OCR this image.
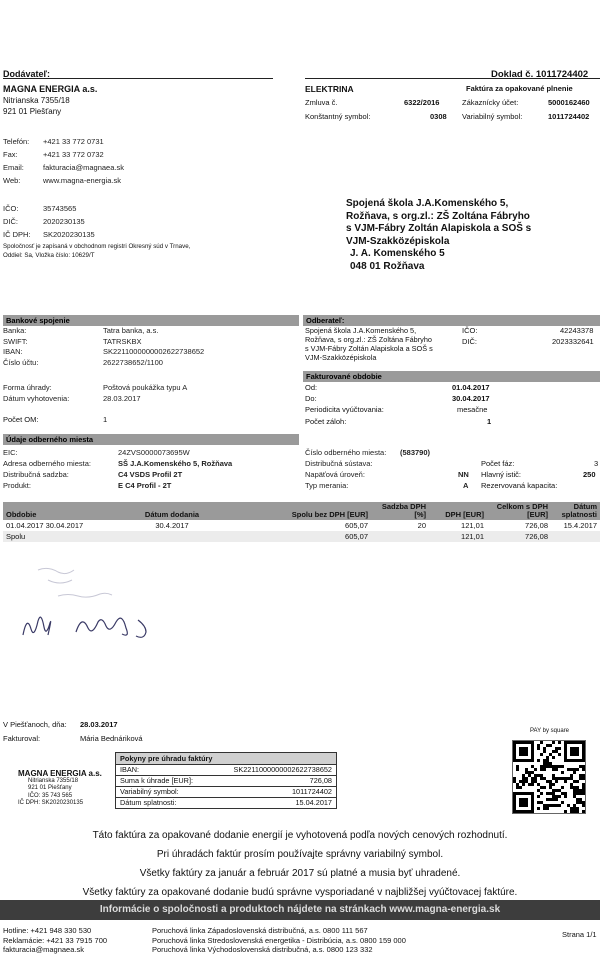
Dodávateľ:
MAGNA ENERGIA a.s.
Nitrianska 7355/18
921 01 Piešťany
Telefón:	+421 33 772 0731
Fax:	+421 33 772 0732
Email:	fakturacia@magnaea.sk
Web:	www.magna-energia.sk
IČO:	35743565
DIČ:	2020230135
IČ DPH:	SK2020230135
Spoločnosť je zapísaná v obchodnom registri Okresný súd v Trnave,
Oddiel: Sa, Vložka číslo: 10629/T
Doklad č. 1011724402
ELEKTRINA	Faktúra za opakované plnenie
Zmluva č.	6322/2016
Konštantný symbol:	0308
Zákaznícky účet:	5000162460
Variabilný symbol:	1011724402
Spojená škola J.A.Komenského 5,
Rožňava, s org.zl.: ZŠ Zoltána Fábryho
s VJM-Fábry Zoltán Alapiskola a SOŠ s
VJM-Szakközépiskola
J. A. Komenského 5
048 01 Rožňava
Bankové spojenie
Banka:	Tatra banka, a.s.
SWIFT:	TATRSKBX
IBAN:	SK2211000000002622738652
Číslo účtu:	2622738652/1100
Forma úhrady:	Poštová poukážka typu A
Dátum vyhotovenia:	28.03.2017
Počet OM:	1
Odberateľ:
Spojená škola J.A.Komenského 5,
Rožňava, s org.zl.: ZŠ Zoltána Fábryho
s VJM-Fábry Zoltán Alapiskola a SOŠ s
VJM-Szakközépiskola
IČO:	42243378
DIČ:	2023332641
Fakturované obdobie
Od:	01.04.2017
Do:	30.04.2017
Periodicita vyúčtovania:	mesačne
Počet záloh:	1
Údaje odberného miesta
EIC:	24ZVS0000073695W
Adresa odberného miesta:	SŠ J.A.Komenského 5, Rožňava
Distribučná sadzba:	C4 VSDS Profil 2T
Produkt:	E C4 Profil - 2T
Číslo odberného miesta:	(583790)
Distribučná sústava:
Napäťová úroveň:	NN
Typ merania:	A
Počet fáz:	3
Hlavný istič:	250
Rezervovaná kapacita:
Obdobie	Dátum dodania	Spolu bez DPH [EUR]	Sadzba DPH [%]	DPH [EUR]	Celkom s DPH [EUR]	Dátum splatnosti
01.04.2017 30.04.2017	30.4.2017	605,07	20	121,01	726,08	15.4.2017
Spolu		605,07		121,01	726,08	
V Piešťanoch, dňa: 28.03.2017
Fakturoval:	Mária Bednáriková
MAGNA ENERGIA a.s.
Nitrianska 7355/18
921 01 Piešťany
IČO: 35 743 565
IČ DPH: SK2020230135
Pokyny pre úhradu faktúry
IBAN:	SK2211000000002622738652
Suma k úhrade [EUR]:	726,08
Variabilný symbol:	1011724402
Dátum splatnosti:	15.04.2017
PAY by square
Táto faktúra za opakované dodanie energií je vyhotovená podľa nových cenových rozhodnutí.
Pri úhradách faktúr prosím používajte správny variabilný symbol.
Všetky faktúry za január a február 2017 sú platné a musia byť uhradené.
Všetky faktúry za opakované dodanie budú správne vysporiadané v najbližšej vyúčtovacej faktúre.
Informácie o spoločnosti a produktoch nájdete na stránkach www.magna-energia.sk
Hotline: +421 948 330 530
Reklamácie: +421 33 7915 700
fakturacia@magnaea.sk
Poruchová linka Západoslovenská distribučná, a.s. 0800 111 567
Poruchová linka Stredoslovenská energetika - Distribúcia, a.s. 0800 159 000
Poruchová linka Východoslovenská distribučná, a.s. 0800 123 332
Strana 1/1
